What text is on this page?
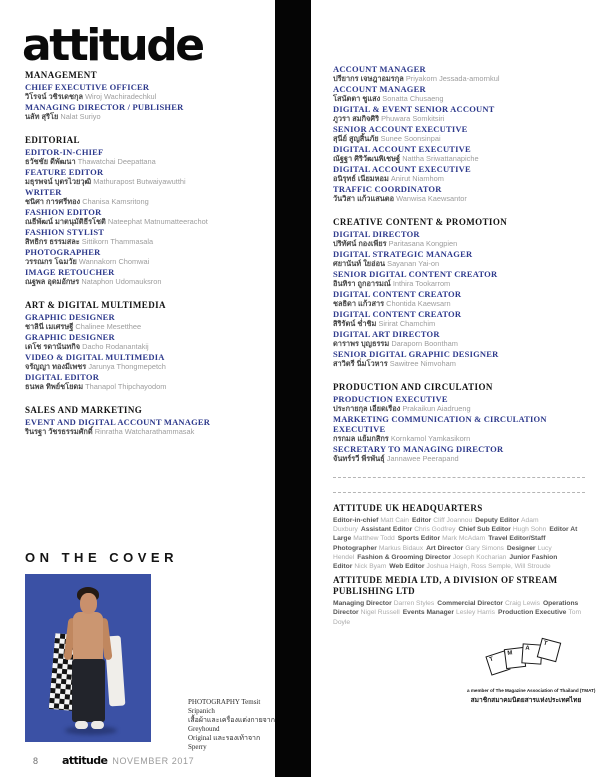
attitude
MANAGEMENT
CHIEF EXECUTIVE OFFICER
วิโรจน์ วชิรเดชกุล Wiroj Wachiradechkul
MANAGING DIRECTOR / PUBLISHER
นลัท สุริโย Nalat Suriyo
EDITORIAL
EDITOR-IN-CHIEF
ธวัชชัย ดีพัฒนา Thawatchai Deepattana
FEATURE EDITOR
มธุรพจน์ บุตรไวยวุฒิ Mathurapost Butwaiyawutthi
WRITER
ชนิศา การศรีทอง Chanisa Kamsritong
FASHION EDITOR
ณธีพัฒน์ มาตนุมัติธีรโชติ Nateephat Matnumatteerachot
FASHION STYLIST
สิทธิกร ธรรมสละ Sittikorn Thammasala
PHOTOGRAPHER
วรรณกร โฉมวัย Wannakorn Chomwai
IMAGE RETOUCHER
ณฐพล อุดมอักษร Nataphon Udomauksron
ART & DIGITAL MULTIMEDIA
GRAPHIC DESIGNER
ชาลินี เมเศรษฐี Chalinee Mesetthee
GRAPHIC DESIGNER
เดโช รดานันทกิจ Dacho Rodanantakij
VIDEO & DIGITAL MULTIMEDIA
จรัญญา ทองมีเพชร Jarunya Thongmepetch
DIGITAL EDITOR
ธนพล ทิพย์ชโยดม Thanapol Thipchayodom
SALES AND MARKETING
EVENT AND DIGITAL ACCOUNT MANAGER
รินรฐา วัชรธรรมศักดิ์ Rinratha Watcharathammasak
ACCOUNT MANAGER
ปรียากร เจษฎาอมรกุล Priyakorn Jessada-amornkul
ACCOUNT MANAGER
โสนัตตา ชูแสง Sonatta Chusaeng
DIGITAL & EVENT SENIOR ACCOUNT
ภูวรา สมกิจศิริ Phuwara Somkitsiri
SENIOR ACCOUNT EXECUTIVE
สุนีย์ สูญสิ้นภัย Sunee Soonsinpai
DIGITAL ACCOUNT EXECUTIVE
ณัฐฐา ศิริวัฒนพิเชษฐ์ Nattha Sriwattanapiche
DIGITAL ACCOUNT EXECUTIVE
อนิรุทธ์ เนียมหอม Anirut Niamhom
TRAFFIC COORDINATOR
วันวิสา แก้วแสนตอ Wanwisa Kaewsantor
CREATIVE CONTENT & PROMOTION
DIGITAL DIRECTOR
ปริทัศน์ กองเพียร Paritasana Kongpien
DIGITAL STRATEGIC MANAGER
ศยานันท์ ใยอ่อน Sayanan Yai-on
SENIOR DIGITAL CONTENT CREATOR
อินทิรา ถูกอารมณ์ Inthira Tookarrom
DIGITAL CONTENT CREATOR
ชลธิดา แก้วสาร Chontida Kaewsarn
DIGITAL CONTENT CREATOR
สิริรัตน์ ช่ำชิม Sirirat Chamchim
DIGITAL ART DIRECTOR
ดาราพร บุญธรรม Daraporn Boontham
SENIOR DIGITAL GRAPHIC DESIGNER
สาวิตรี นิ่มโวหาร Sawitree Nimvoham
PRODUCTION AND CIRCULATION
PRODUCTION EXECUTIVE
ประกายกุล เอียดเรือง Prakaikun Aiadrueng
MARKETING COMMUNICATION & CIRCULATION EXECUTIVE
กรกมล แย้มกสิกร Kornkamol Yamkasikorn
SECRETARY TO MANAGING DIRECTOR
จันทร์รวี พีรพันธุ์ Jannawee Peerapand
ATTITUDE UK HEADQUARTERS
Editor-in-chief Matt Cain Editor Cliff Joannou Deputy Editor Adam Duxbury Assistant Editor Chris Godfrey Chief Sub Editor Hugh Sohn Editor At Large Matthew Todd Sports Editor Mark McAdam Travel Editor/Staff Photographer Markus Bidaux Art Director Gary Simons Designer Lucy Hendel Fashion & Grooming Director Joseph Kocharian Junior Fashion Editor Nick Byam Web Editor Joshua Haigh, Ross Semple, Will Stroude
ATTITUDE MEDIA LTD, A DIVISION OF STREAM PUBLISHING LTD
Managing Director Darren Styles Commercial Director Craig Lewis Operations Director Nigel Russell Events Manager Lesley Harris Production Executive Tom Doyle
T
M
A
T
a member of The Magazine Association of Thailand (TMAT)
สมาชิกสมาคมนิตยสารแห่งประเทศไทย
ON THE COVER
PHOTOGRAPHY Temsit Sripanich
เสื้อผ้าและเครื่องแต่งกายจาก Greyhound
Original และรองเท้าจาก Sperry
8 attitude NOVEMBER 2017
